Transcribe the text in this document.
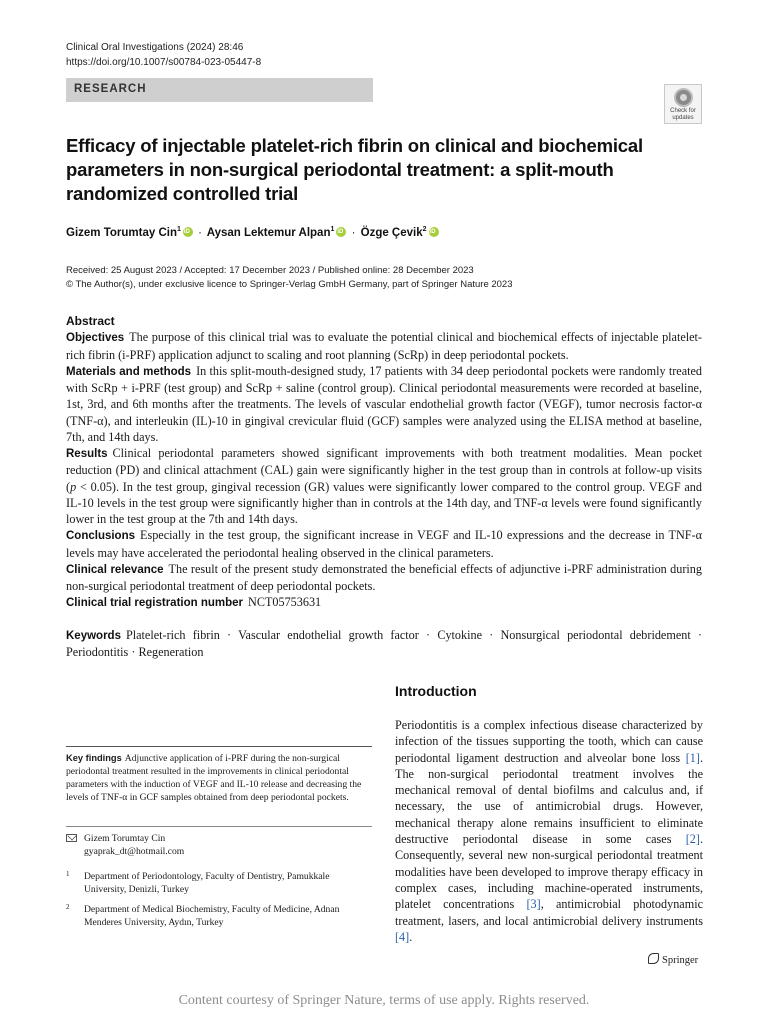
Clinical Oral Investigations (2024) 28:46
https://doi.org/10.1007/s00784-023-05447-8
RESEARCH
Check for updates
Efficacy of injectable platelet-rich fibrin on clinical and biochemical parameters in non-surgical periodontal treatment: a split-mouth randomized controlled trial
Gizem Torumtay Cin$^1$ iD · Aysan Lektemur Alpan$^1$ iD · Özge Çevik$^2$iD
Received: 25 August 2023 / Accepted: 17 December 2023 / Published online: 28 December 2023
© The Author(s), under exclusive licence to Springer-Verlag GmbH Germany, part of Springer Nature 2023
Abstract

Objectives The purpose of this clinical trial was to evaluate the potential clinical and biochemical effects of injectable platelet-rich fibrin (i-PRF) application adjunct to scaling and root planning (ScRp) in deep periodontal pockets.

Materials and methods In this split-mouth-designed study, 17 patients with 34 deep periodontal pockets were randomly treated with ScRp + i-PRF (test group) and ScRp + saline (control group). Clinical periodontal measurements were recorded at baseline, 1st, 3rd, and 6th months after the treatments. The levels of vascular endothelial growth factor (VEGF), tumor necrosis factor-α (TNF-α), and interleukin (IL)-10 in gingival crevicular fluid (GCF) samples were analyzed using the ELISA method at baseline, 7th, and 14th days.

Results Clinical periodontal parameters showed significant improvements with both treatment modalities. Mean pocket reduction (PD) and clinical attachment (CAL) gain were significantly higher in the test group than in controls at follow-up visits (p < 0.05). In the test group, gingival recession (GR) values were significantly lower compared to the control group. VEGF and IL-10 levels in the test group were significantly higher than in controls at the 14th day, and TNF-α levels were found significantly lower in the test group at the 7th and 14th days.

Conclusions Especially in the test group, the significant increase in VEGF and IL-10 expressions and the decrease in TNF-α levels may have accelerated the periodontal healing observed in the clinical parameters.

Clinical relevance The result of the present study demonstrated the beneficial effects of adjunctive i-PRF administration during non-surgical periodontal treatment of deep periodontal pockets.

Clinical trial registration number NCT05753631

Keywords Platelet-rich fibrin · Vascular endothelial growth factor · Cytokine · Nonsurgical periodontal debridement · Periodontitis · Regeneration

Introduction

Periodontitis is a complex infectious disease characterized by infection of the tissues supporting the tooth, which can cause periodontal ligament destruction and alveolar bone loss [1]. The non-surgical periodontal treatment involves the mechanical removal of dental biofilms and calculus and, if necessary, the use of antimicrobial drugs. However, mechanical therapy alone remains insufficient to eliminate destructive periodontal disease in some cases [2]. Consequently, several new non-surgical periodontal treatment modalities have been developed to improve therapy efficacy in complex cases, including machine-operated instruments, platelet concentrations [3], antimicrobial photodynamic treatment, lasers, and local antimicrobial delivery instruments [4].

Key findings Adjunctive application of i-PRF during the non-surgical periodontal treatment resulted in the improvements in clinical periodontal parameters with the induction of VEGF and IL-10 release and decreasing the levels of TNF-α in GCF samples obtained from deep periodontal pockets.
Gizem Torumtay Cin
gyaprak_dt@hotmail.com
1 Department of Periodontology, Faculty of Dentistry, Pamukkale University, Denizli, Turkey
2 Department of Medical Biochemistry, Faculty of Medicine, Adnan Menderes University, Aydın, Turkey
Springer
Content courtesy of Springer Nature, terms of use apply. Rights reserved.
